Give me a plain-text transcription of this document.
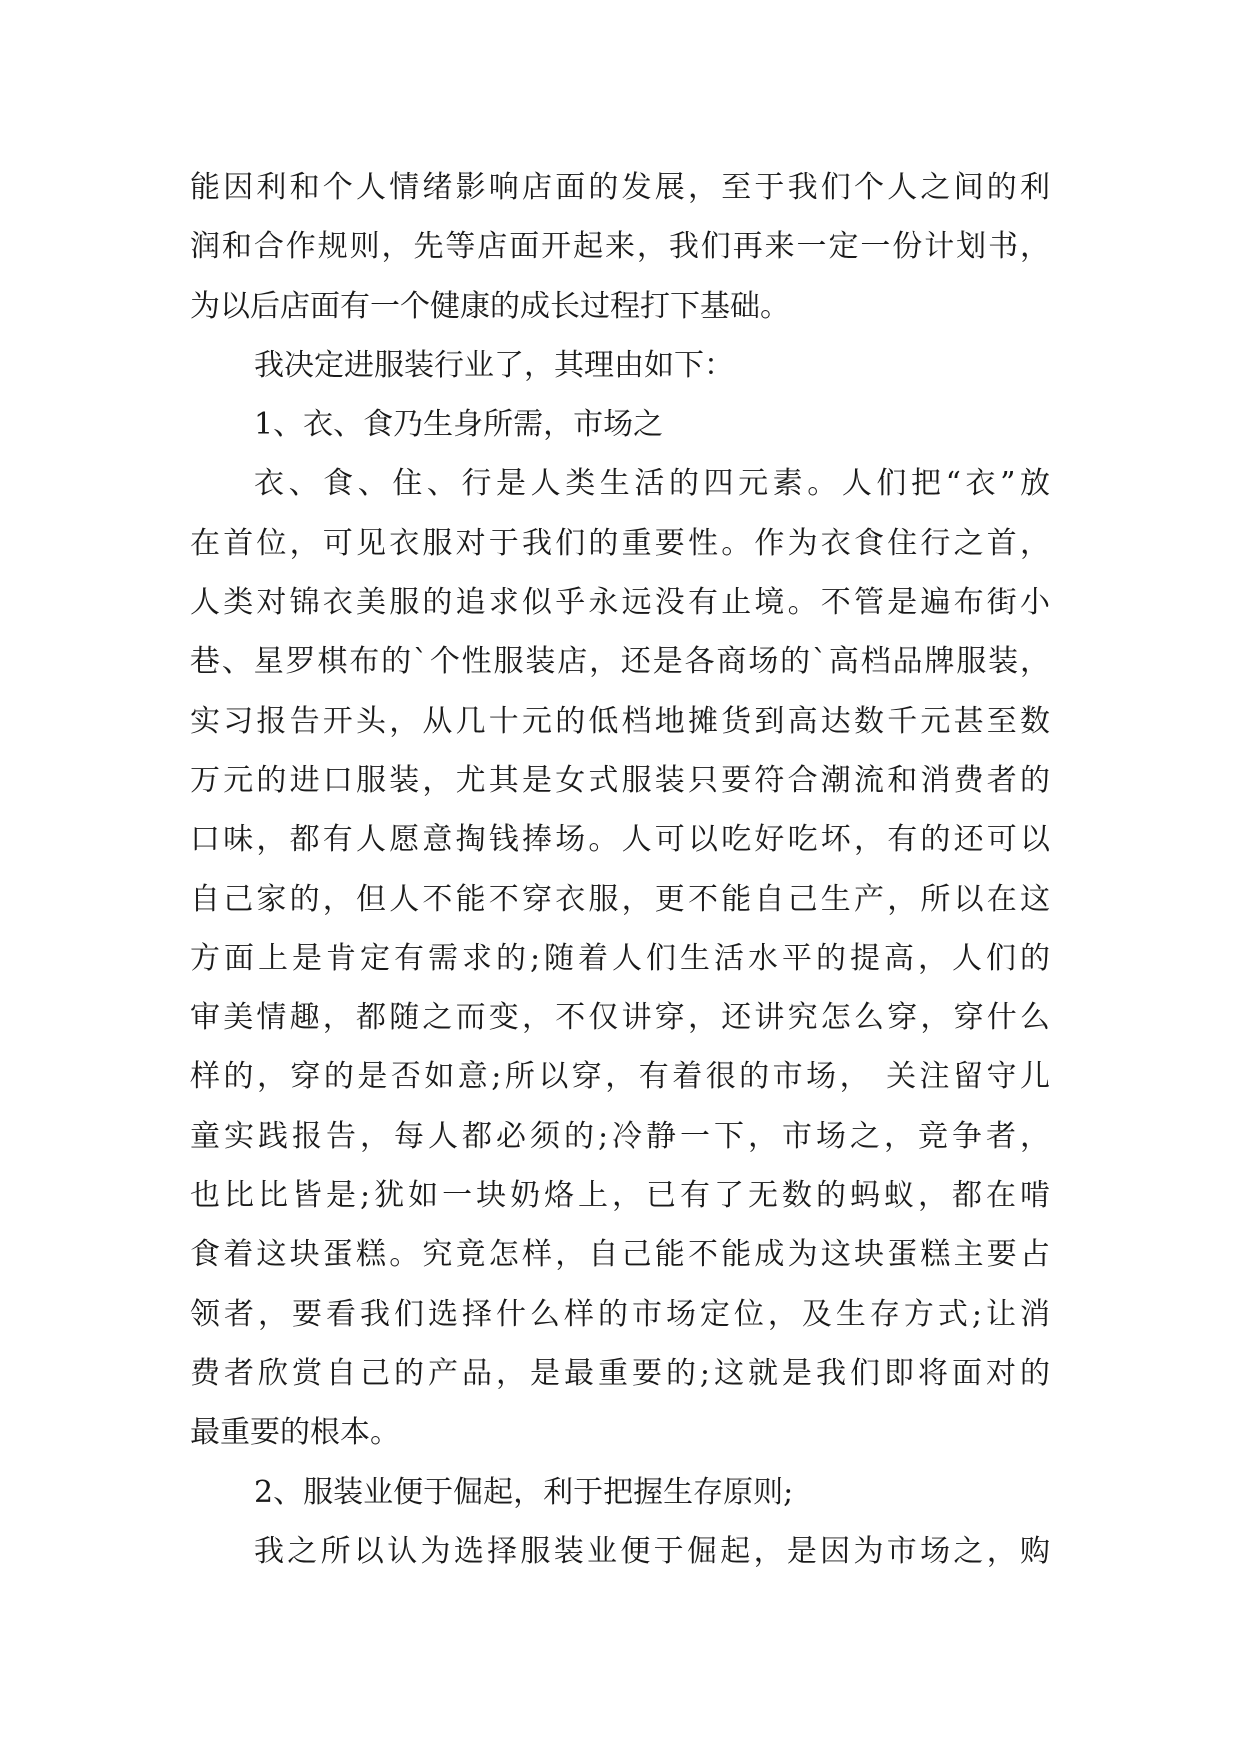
能因利和个人情绪影响店面的发展，至于我们个人之间的利
润和合作规则，先等店面开起来，我们再来一定一份计划书，
为以后店面有一个健康的成长过程打下基础。
我决定进服装行业了，其理由如下：
1、衣、食乃生身所需，市场之
衣、食、住、行是人类生活的四元素。人们把“衣”放
在首位，可见衣服对于我们的重要性。作为衣食住行之首，
人类对锦衣美服的追求似乎永远没有止境。不管是遍布街小
巷、星罗棋布的`个性服装店，还是各商场的`高档品牌服装，
实习报告开头，从几十元的低档地摊货到高达数千元甚至数
万元的进口服装，尤其是女式服装只要符合潮流和消费者的
口味，都有人愿意掏钱捧场。人可以吃好吃坏，有的还可以
自己家的，但人不能不穿衣服，更不能自己生产，所以在这
方面上是肯定有需求的;随着人们生活水平的提高，人们的
审美情趣，都随之而变，不仅讲穿，还讲究怎么穿，穿什么
样的，穿的是否如意;所以穿，有着很的市场， 关注留守儿
童实践报告，每人都必须的;冷静一下，市场之，竞争者，
也比比皆是;犹如一块奶烙上，已有了无数的蚂蚁，都在啃
食着这块蛋糕。究竟怎样，自己能不能成为这块蛋糕主要占
领者，要看我们选择什么样的市场定位，及生存方式;让消
费者欣赏自己的产品，是最重要的;这就是我们即将面对的
最重要的根本。
2、服装业便于倔起，利于把握生存原则;
我之所以认为选择服装业便于倔起，是因为市场之，购
